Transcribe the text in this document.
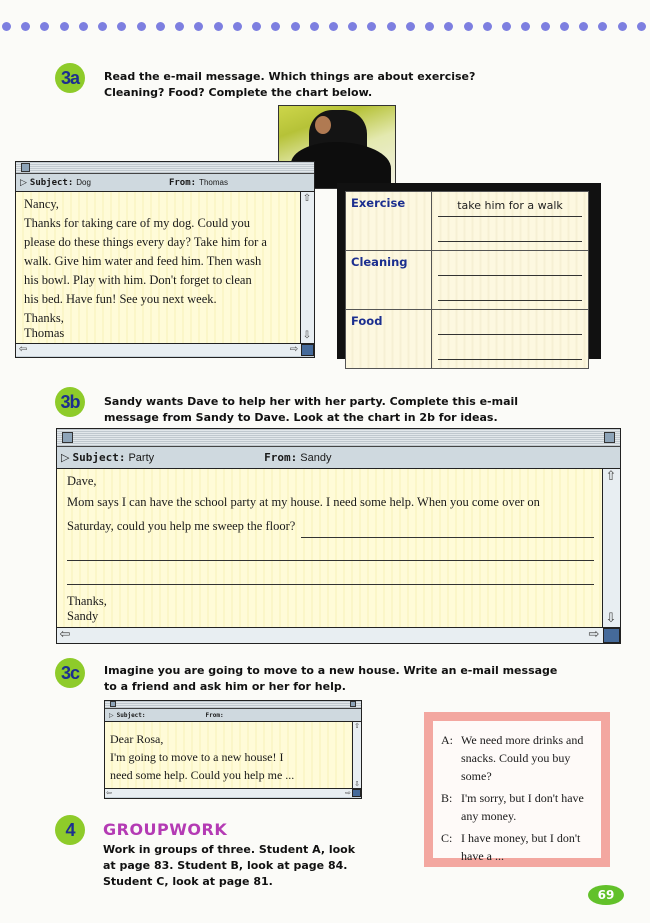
3a	Read the e-mail message. Which things are about exercise?
Cleaning? Food? Complete the chart below.
▷ Subject: Dog	From: Thomas
Nancy,
Thanks for taking care of my dog. Could you
please do these things every day? Take him for a
walk. Give him water and feed him. Then wash
his bowl. Play with him. Don't forget to clean
his bed. Have fun! See you next week.
Thanks,
Thomas
⇧
⇩
⇦	⇨
Exercise	take him for a walk

Cleaning	

Food	
3b	Sandy wants Dave to help her with her party. Complete this e-mail
message from Sandy to Dave. Look at the chart in 2b for ideas.
▷ Subject: Party	From: Sandy
Dave,
Mom says I can have the school party at my house. I need some help. When you come over on
Saturday, could you help me sweep the floor?
Thanks,
Sandy
⇧
⇩
⇦	⇨
3c	Imagine you are going to move to a new house. Write an e-mail message
to a friend and ask him or her for help.
▷ Subject:	From:
Dear Rosa,
I'm going to move to a new house! I
need some help. Could you help me ...
⇧
⇩
⇦	⇨
A: We need more drinks and snacks. Could you buy some?
B: I'm sorry, but I don't have any money.
C: I have money, but I don't have a ...
4	GROUPWORK
Work in groups of three. Student A, look
at page 83. Student B, look at page 84.
Student C, look at page 81.
69
